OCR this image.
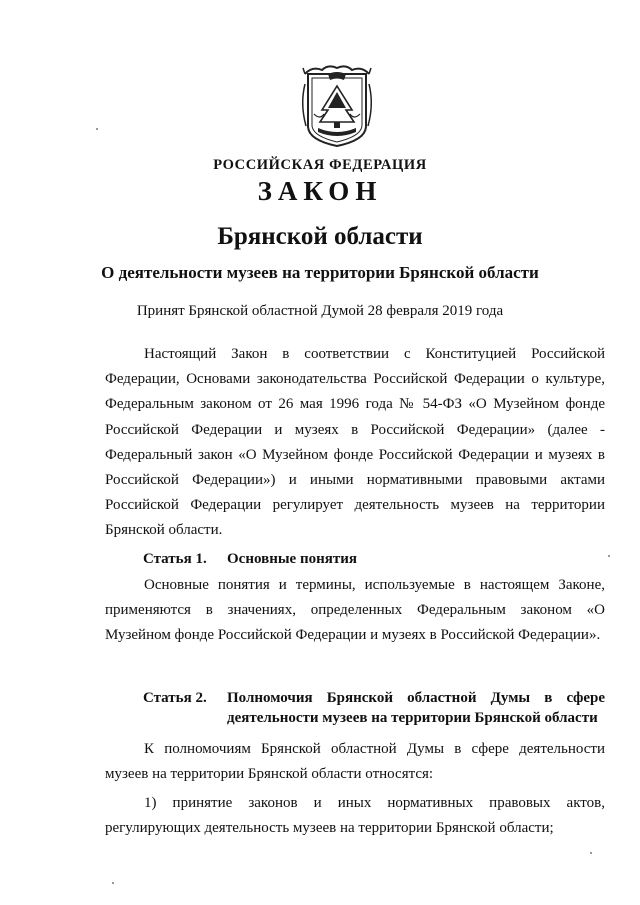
РОССИЙСКАЯ ФЕДЕРАЦИЯ
ЗАКОН
Брянской области
О деятельности музеев на территории Брянской области
Принят Брянской областной Думой 28 февраля 2019 года

Настоящий Закон в соответствии с Конституцией Российской Федерации, Основами законодательства Российской Федерации о культуре, Федеральным законом от 26 мая 1996 года № 54-ФЗ «О Музейном фонде Российской Федерации и музеях в Российской Федерации» (далее - Федеральный закон «О Музейном фонде Российской Федерации и музеях в Российской Федерации») и иными нормативными правовыми актами Российской Федерации регулирует деятельность музеев на территории Брянской области.

Статья 1. Основные понятия

Основные понятия и термины, используемые в настоящем Законе, применяются в значениях, определенных Федеральным законом «О Музейном фонде Российской Федерации и музеях в Российской Федерации».

Статья 2. Полномочия Брянской областной Думы в сфере деятельности музеев на территории Брянской области

К полномочиям Брянской областной Думы в сфере деятельности музеев на территории Брянской области относятся:

1) принятие законов и иных нормативных правовых актов, регулирующих деятельность музеев на территории Брянской области;
